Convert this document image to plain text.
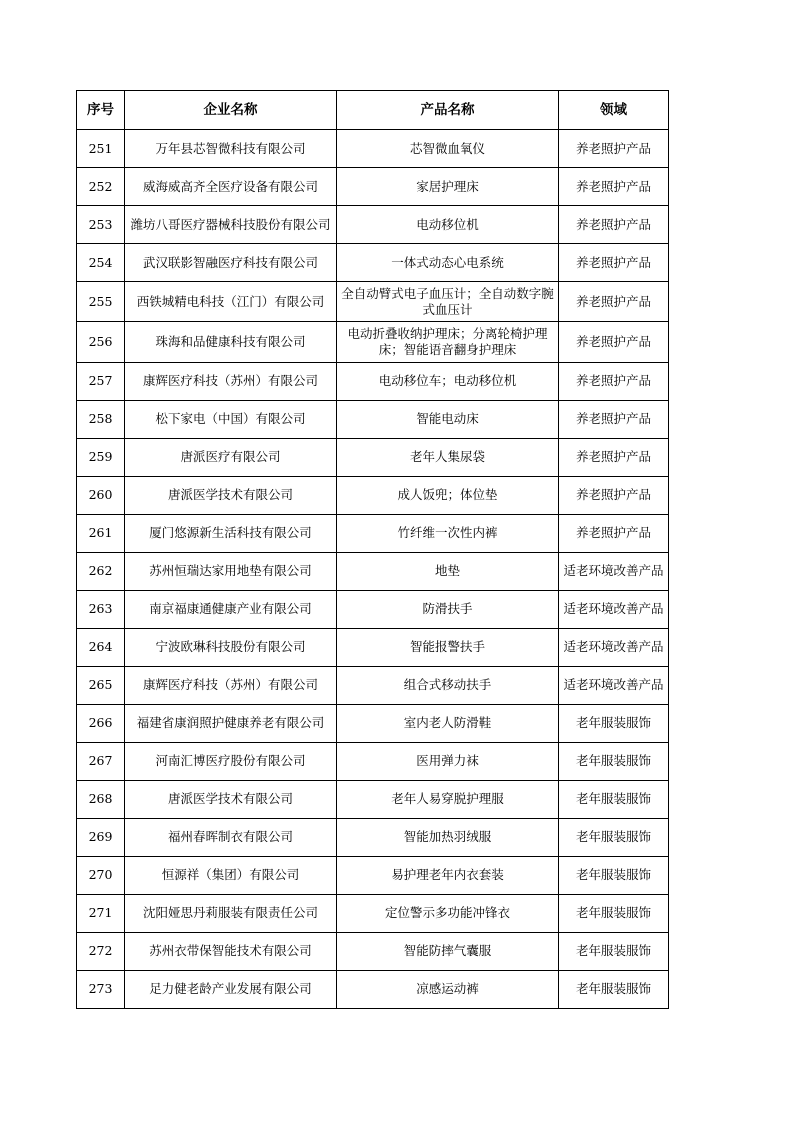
序号	企业名称	产品名称	领域
251	万年县芯智微科技有限公司	芯智微血氧仪	养老照护产品
252	威海威高齐全医疗设备有限公司	家居护理床	养老照护产品
253	潍坊八哥医疗器械科技股份有限公司	电动移位机	养老照护产品
254	武汉联影智融医疗科技有限公司	一体式动态心电系统	养老照护产品
255	西铁城精电科技（江门）有限公司	全自动臂式电子血压计；全自动数字腕式血压计	养老照护产品
256	珠海和品健康科技有限公司	电动折叠收纳护理床；分离轮椅护理床；智能语音翻身护理床	养老照护产品
257	康辉医疗科技（苏州）有限公司	电动移位车；电动移位机	养老照护产品
258	松下家电（中国）有限公司	智能电动床	养老照护产品
259	唐派医疗有限公司	老年人集尿袋	养老照护产品
260	唐派医学技术有限公司	成人饭兜；体位垫	养老照护产品
261	厦门悠源新生活科技有限公司	竹纤维一次性内裤	养老照护产品
262	苏州恒瑞达家用地垫有限公司	地垫	适老环境改善产品
263	南京福康通健康产业有限公司	防滑扶手	适老环境改善产品
264	宁波欧琳科技股份有限公司	智能报警扶手	适老环境改善产品
265	康辉医疗科技（苏州）有限公司	组合式移动扶手	适老环境改善产品
266	福建省康润照护健康养老有限公司	室内老人防滑鞋	老年服装服饰
267	河南汇博医疗股份有限公司	医用弹力袜	老年服装服饰
268	唐派医学技术有限公司	老年人易穿脱护理服	老年服装服饰
269	福州春晖制衣有限公司	智能加热羽绒服	老年服装服饰
270	恒源祥（集团）有限公司	易护理老年内衣套装	老年服装服饰
271	沈阳娅思丹莉服装有限责任公司	定位警示多功能冲锋衣	老年服装服饰
272	苏州衣带保智能技术有限公司	智能防摔气囊服	老年服装服饰
273	足力健老龄产业发展有限公司	凉感运动裤	老年服装服饰
